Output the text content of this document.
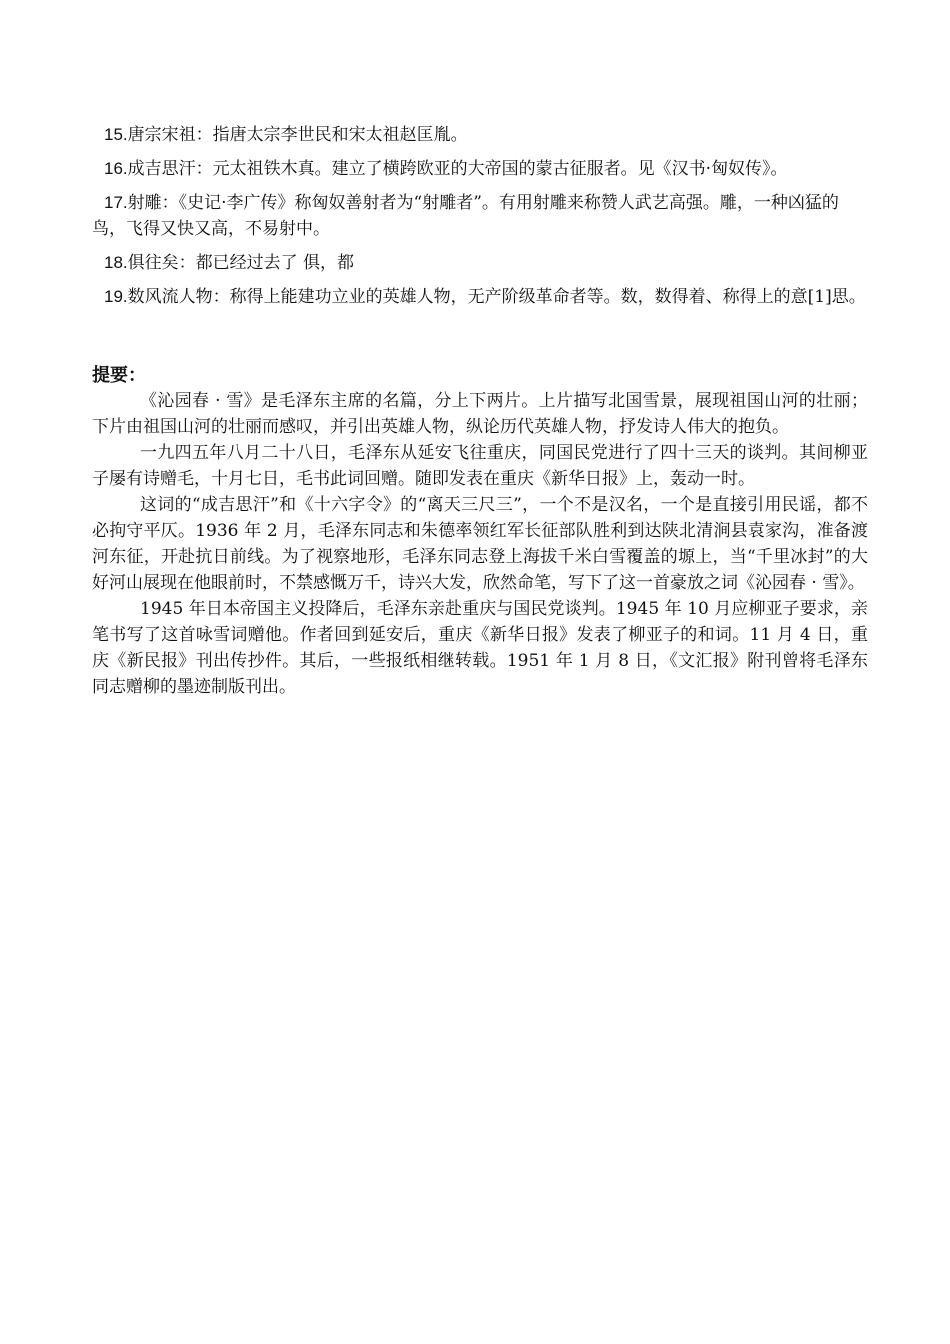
15.唐宗宋祖：指唐太宗李世民和宋太祖赵匡胤。

16.成吉思汗：元太祖铁木真。建立了横跨欧亚的大帝国的蒙古征服者。见《汉书·匈奴传》。

17.射雕：《史记·李广传》称匈奴善射者为“射雕者”。有用射雕来称赞人武艺高强。雕，一种凶猛的鸟，飞得又快又高，不易射中。

18.俱往矣：都已经过去了 俱，都

19.数风流人物：称得上能建功立业的英雄人物，无产阶级革命者等。数，数得着、称得上的意[1]思。

提要：

《沁园春 · 雪》是毛泽东主席的名篇，分上下两片。上片描写北国雪景，展现祖国山河的壮丽；下片由祖国山河的壮丽而感叹，并引出英雄人物，纵论历代英雄人物，抒发诗人伟大的抱负。

一九四五年八月二十八日，毛泽东从延安飞往重庆，同国民党进行了四十三天的谈判。其间柳亚子屡有诗赠毛，十月七日，毛书此词回赠。随即发表在重庆《新华日报》上，轰动一时。

这词的“成吉思汗”和《十六字令》的“离天三尺三”，一个不是汉名，一个是直接引用民谣，都不必拘守平仄。1936 年 2 月，毛泽东同志和朱德率领红军长征部队胜利到达陕北清涧县袁家沟，准备渡河东征，开赴抗日前线。为了视察地形，毛泽东同志登上海拔千米白雪覆盖的塬上，当“千里冰封”的大好河山展现在他眼前时，不禁感慨万千，诗兴大发，欣然命笔，写下了这一首豪放之词《沁园春 · 雪》。

1945 年日本帝国主义投降后，毛泽东亲赴重庆与国民党谈判。1945 年 10 月应柳亚子要求，亲笔书写了这首咏雪词赠他。作者回到延安后，重庆《新华日报》发表了柳亚子的和词。11 月 4 日，重庆《新民报》刊出传抄件。其后，一些报纸相继转载。1951 年 1 月 8 日，《文汇报》附刊曾将毛泽东同志赠柳的墨迹制版刊出。
